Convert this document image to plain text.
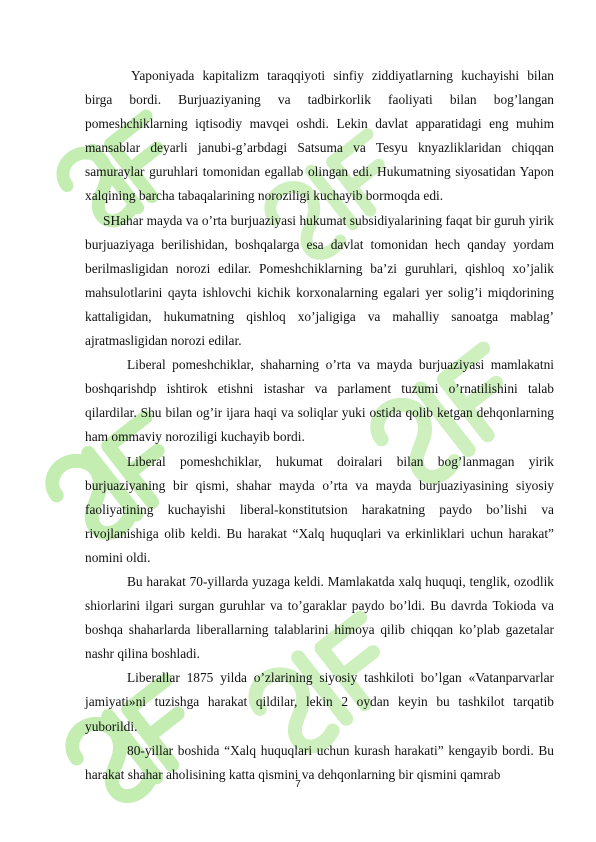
Yaponiyada kapitalizm taraqqiyoti sinfiy ziddiyatlarning kuchayishi bilan birga bordi. Burjuaziyaning va tadbirkorlik faoliyati bilan bog’langan pomeshchiklarning iqtisodiy mavqei oshdi. Lekin davlat apparatidagi eng muhim mansablar deyarli janubi-g’arbdagi Satsuma va Tesyu knyazliklaridan chiqqan samuraylar guruhlari tomonidan egallab olingan edi. Hukumatning siyosatidan Yapon xalqining barcha tabaqalarining noroziligi kuchayib bormoqda edi.

SHahar mayda va o’rta burjuaziyasi hukumat subsidiyalarining faqat bir guruh yirik burjuaziyaga berilishidan, boshqalarga esa davlat tomonidan hech qanday yordam berilmasligidan norozi edilar. Pomeshchiklarning ba’zi guruhlari, qishloq xo’jalik mahsulotlarini qayta ishlovchi kichik korxonalarning egalari yer solig’i miqdorining kattaligidan, hukumatning qishloq xo’jaligiga va mahalliy sanoatga mablag’ ajratmasligidan norozi edilar.

Liberal pomeshchiklar, shaharning o’rta va mayda burjuaziyasi mamlakatni boshqarishdp ishtirok etishni istashar va parlament tuzumi o’rnatilishini talab qilardilar. Shu bilan og’ir ijara haqi va soliqlar yuki ostida qolib ketgan dehqonlarning ham ommaviy noroziligi kuchayib bordi.

Liberal pomeshchiklar, hukumat doiralari bilan bog’lanmagan yirik burjuaziyaning bir qismi, shahar mayda o’rta va mayda burjuaziyasining siyosiy faoliyatining kuchayishi liberal-konstitutsion harakatning paydo bo’lishi va rivojlanishiga olib keldi. Bu harakat “Xalq huquqlari va erkinliklari uchun harakat” nomini oldi.

Bu harakat 70-yillarda yuzaga keldi. Mamlakatda xalq huquqi, tenglik, ozodlik shiorlarini ilgari surgan guruhlar va to’garaklar paydo bo’ldi. Bu davrda Tokioda va boshqa shaharlarda liberallarning talablarini himoya qilib chiqqan ko’plab gazetalar nashr qilina boshladi.

Liberallar 1875 yilda o’zlarining siyosiy tashkiloti bo’lgan «Vatanparvarlar jamiyati»ni tuzishga harakat qildilar, lekin 2 oydan keyin bu tashkilot tarqatib yuborildi.

80-yillar boshida “Xalq huquqlari uchun kurash harakati” kengayib bordi. Bu harakat shahar aholisining katta qismini va dehqonlarning bir qismini qamrab

7
